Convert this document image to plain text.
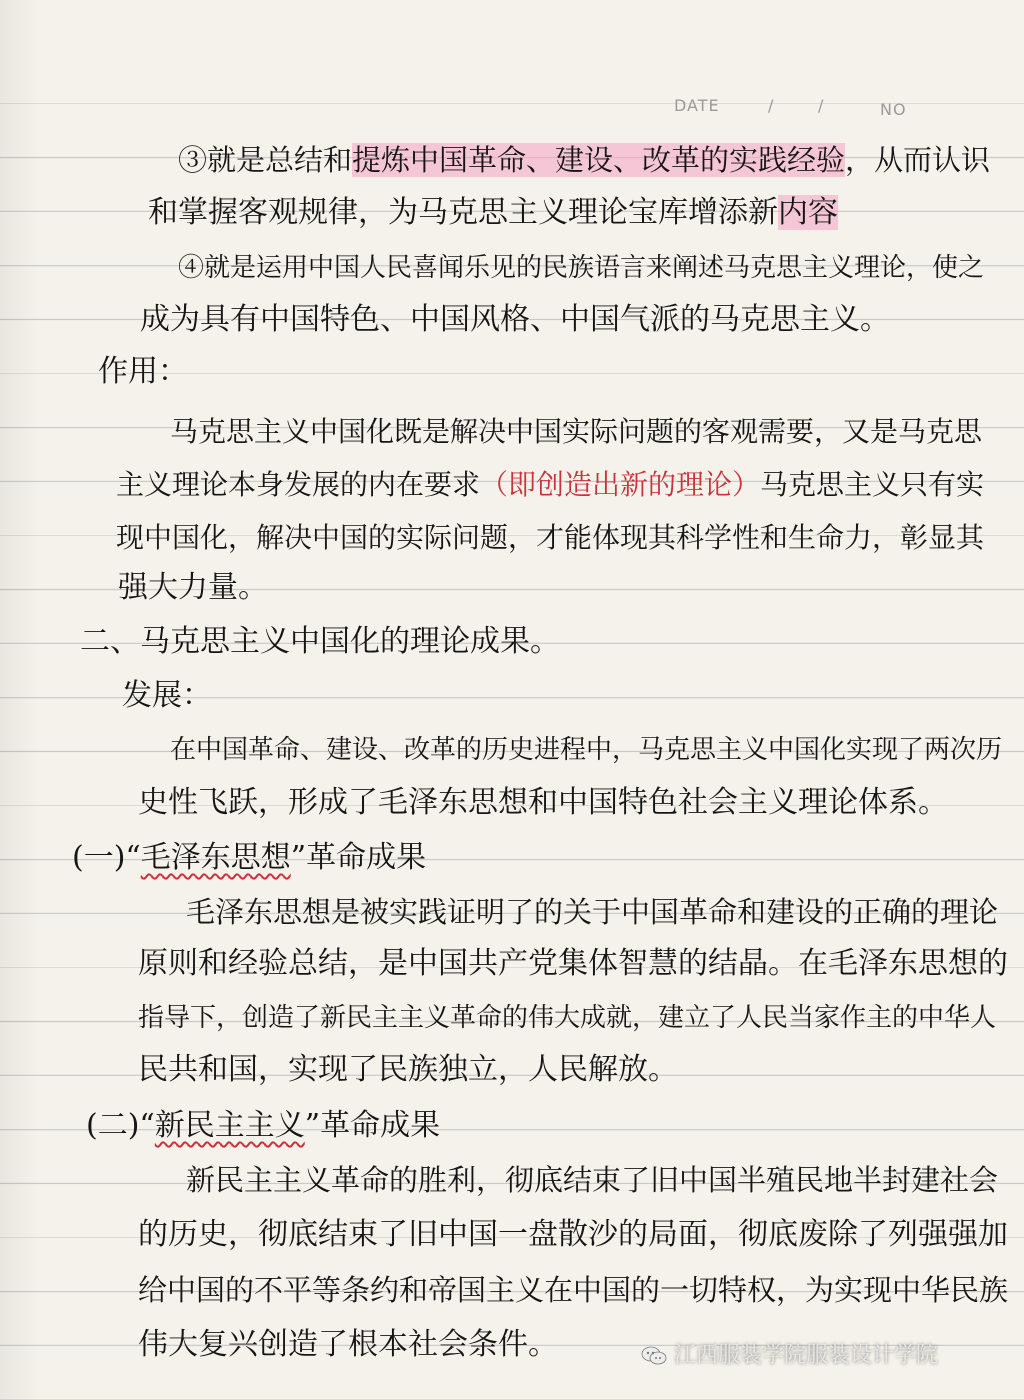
DATE	/	/	NO
③就是总结和提炼中国革命、建设、改革的实践经验，从而认识
和掌握客观规律，为马克思主义理论宝库增添新内容
④就是运用中国人民喜闻乐见的民族语言来阐述马克思主义理论，使之
成为具有中国特色、中国风格、中国气派的马克思主义。
作用：
马克思主义中国化既是解决中国实际问题的客观需要，又是马克思
主义理论本身发展的内在要求（即创造出新的理论）马克思主义只有实
现中国化，解决中国的实际问题，才能体现其科学性和生命力，彰显其
强大力量。
二、马克思主义中国化的理论成果。
发展：
在中国革命、建设、改革的历史进程中，马克思主义中国化实现了两次历
史性飞跃，形成了毛泽东思想和中国特色社会主义理论体系。
(一)“毛泽东思想”革命成果
毛泽东思想是被实践证明了的关于中国革命和建设的正确的理论
原则和经验总结，是中国共产党集体智慧的结晶。在毛泽东思想的
指导下，创造了新民主主义革命的伟大成就，建立了人民当家作主的中华人
民共和国，实现了民族独立，人民解放。
(二)“新民主主义”革命成果
新民主主义革命的胜利，彻底结束了旧中国半殖民地半封建社会
的历史，彻底结束了旧中国一盘散沙的局面，彻底废除了列强强加
给中国的不平等条约和帝国主义在中国的一切特权，为实现中华民族
伟大复兴创造了根本社会条件。	江西服装学院服装设计学院
